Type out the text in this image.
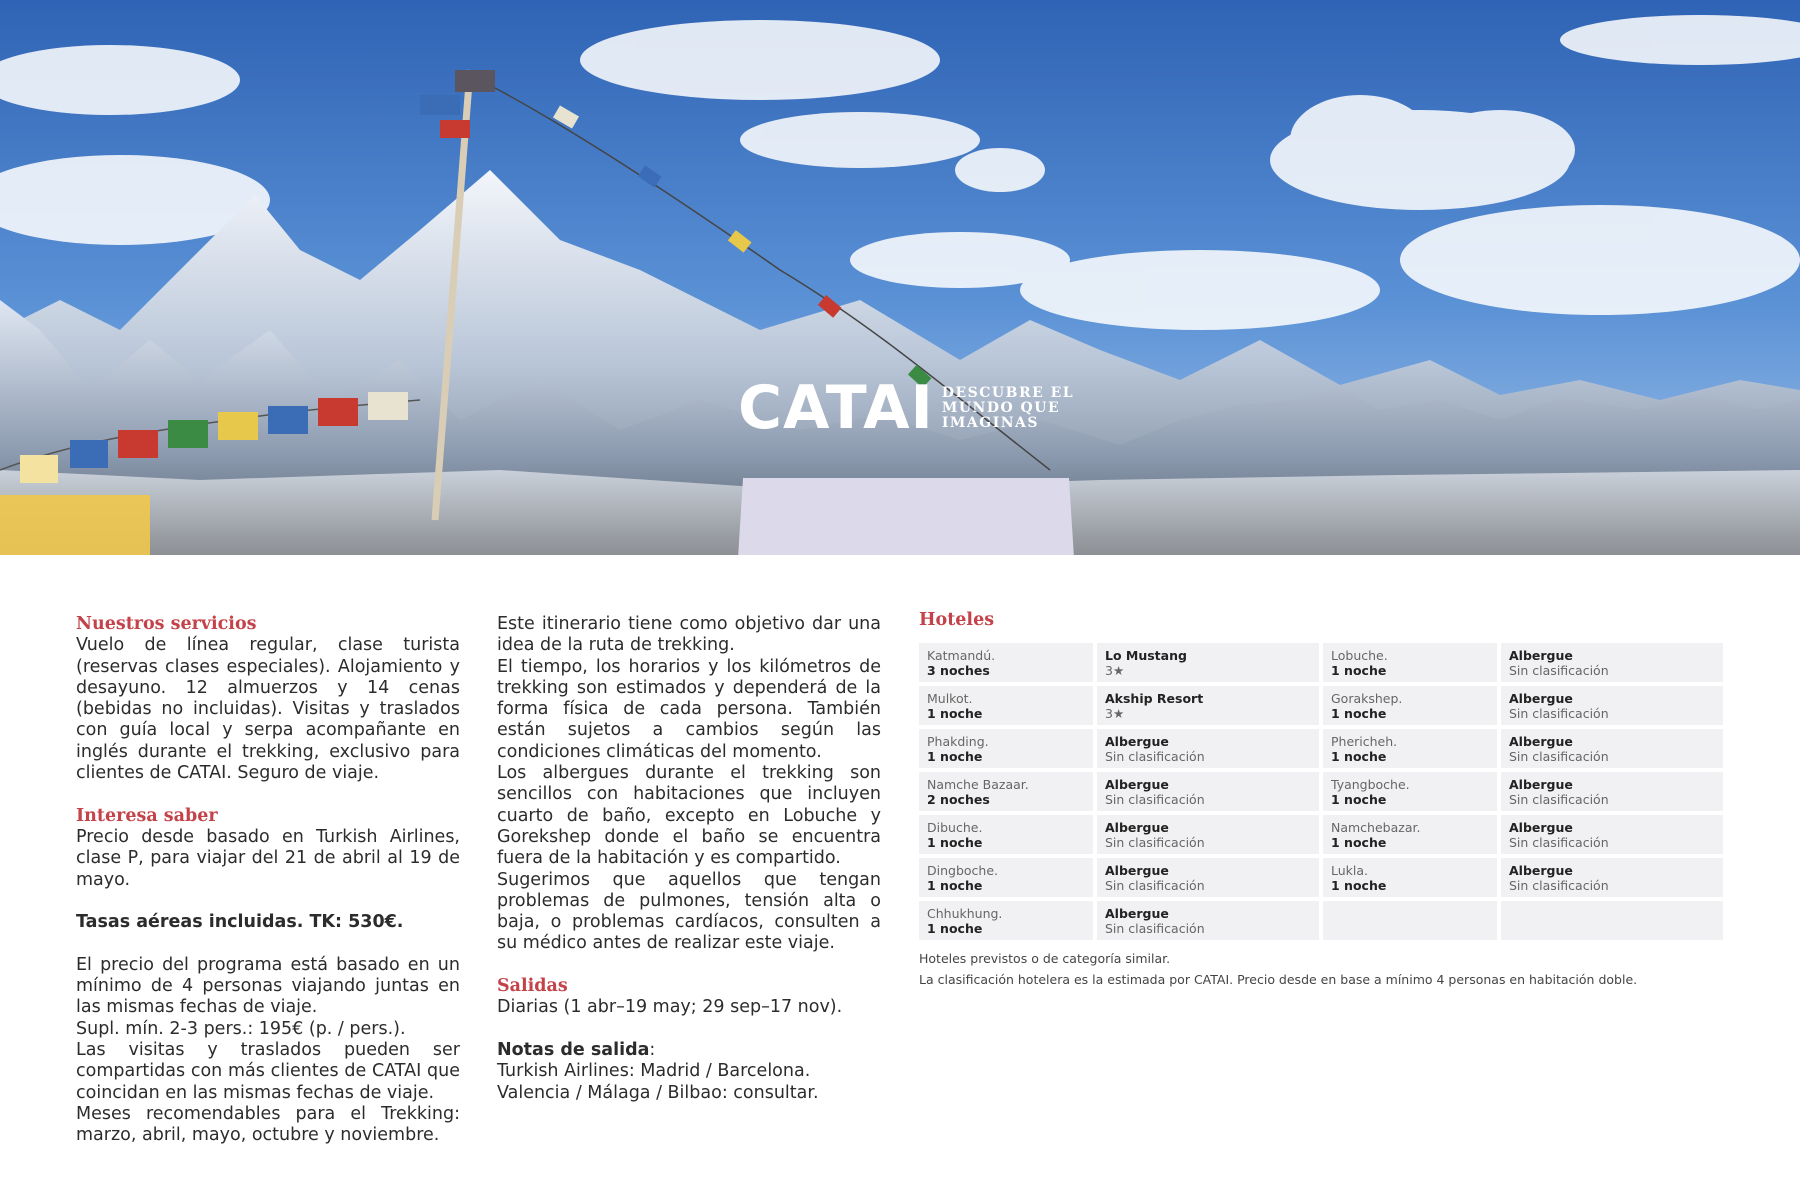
CATAI DESCUBRE EL
MUNDO QUE
IMAGINAS
Nuestros servicios

Vuelo de línea regular, clase turista (reservas clases especiales). Alojamiento y desayuno. 12 almuerzos y 14 cenas (bebidas no incluidas). Visitas y traslados con guía local y serpa acompañante en inglés durante el trekking, exclusivo para clientes de CATAI. Seguro de viaje.

Interesa saber

Precio desde basado en Turkish Airlines, clase P, para viajar del 21 de abril al 19 de mayo.

Tasas aéreas incluidas. TK: 530€.

El precio del programa está basado en un mínimo de 4 personas viajando juntas en las mismas fechas de viaje.

Supl. mín. 2-3 pers.: 195€ (p. / pers.).

Las visitas y traslados pueden ser compartidas con más clientes de CATAI que coincidan en las mismas fechas de viaje.

Meses recomendables para el Trekking: marzo, abril, mayo, octubre y noviembre.

Este itinerario tiene como objetivo dar una idea de la ruta de trekking.

El tiempo, los horarios y los kilómetros de trekking son estimados y dependerá de la forma física de cada persona. También están sujetos a cambios según las condiciones climáticas del momento.

Los albergues durante el trekking son sencillos con habitaciones que incluyen cuarto de baño, excepto en Lobuche y Gorekshep donde el baño se encuentra fuera de la habitación y es compartido.

Sugerimos que aquellos que tengan problemas de pulmones, tensión alta o baja, o problemas cardíacos, consulten a su médico antes de realizar este viaje.

Salidas

Diarias (1 abr–19 may; 29 sep–17 nov).

Notas de salida:

Turkish Airlines: Madrid / Barcelona.

Valencia / Málaga / Bilbao: consultar.

Hoteles
Katmandú.
3 noches
Lo Mustang
3★
Lobuche.
1 noche
Albergue
Sin clasificación
Mulkot.
1 noche
Akship Resort
3★
Gorakshep.
1 noche
Albergue
Sin clasificación
Phakding.
1 noche
Albergue
Sin clasificación
Phericheh.
1 noche
Albergue
Sin clasificación
Namche Bazaar.
2 noches
Albergue
Sin clasificación
Tyangboche.
1 noche
Albergue
Sin clasificación
Dibuche.
1 noche
Albergue
Sin clasificación
Namchebazar.
1 noche
Albergue
Sin clasificación
Dingboche.
1 noche
Albergue
Sin clasificación
Lukla.
1 noche
Albergue
Sin clasificación
Chhukhung.
1 noche
Albergue
Sin clasificación
Hoteles previstos o de categoría similar.
La clasificación hotelera es la estimada por CATAI. Precio desde en base a mínimo 4 personas en habitación doble.
